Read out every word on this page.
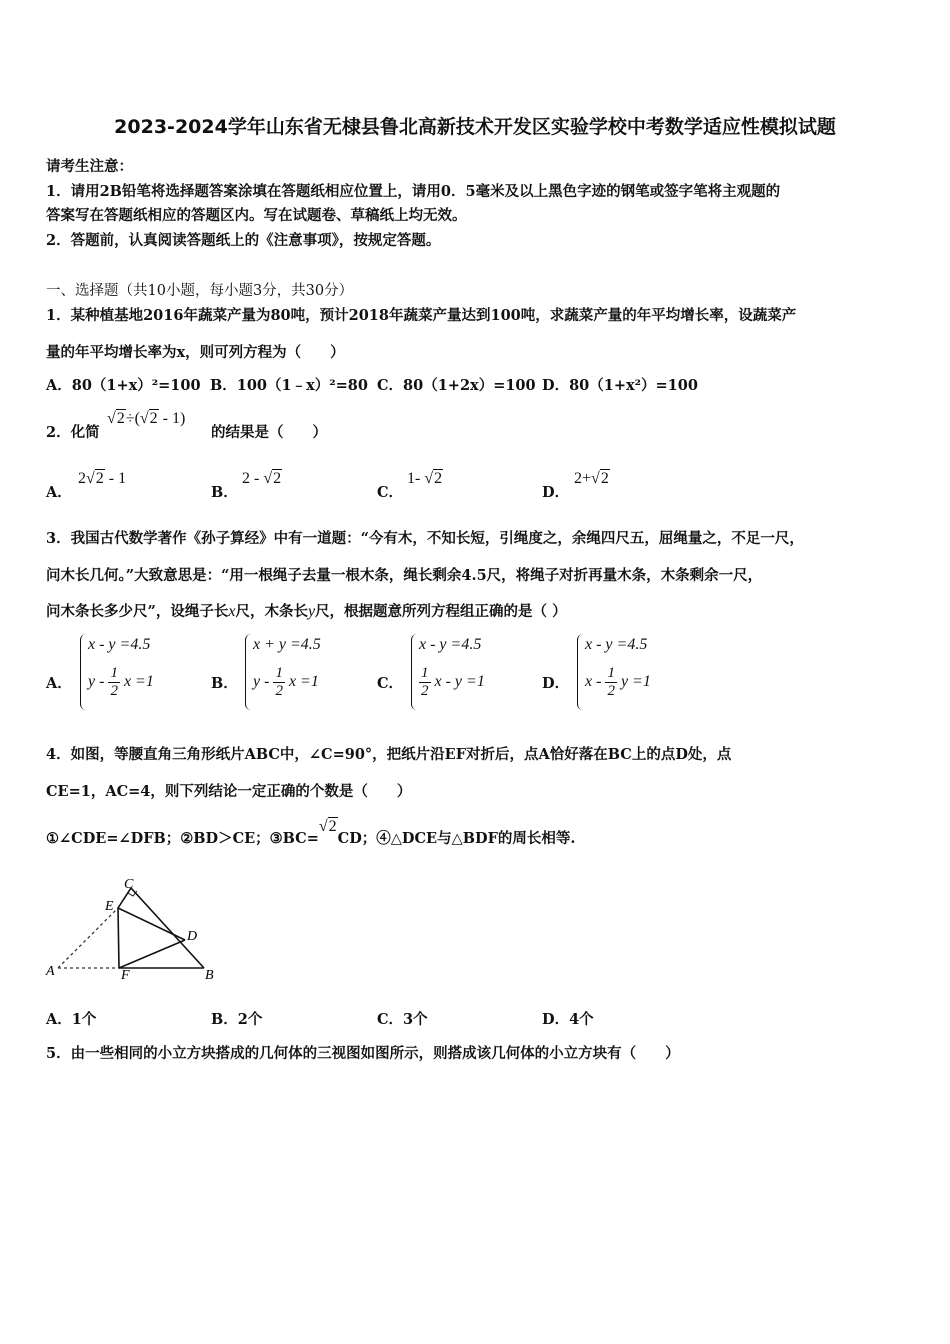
2023-2024学年山东省无棣县鲁北高新技术开发区实验学校中考数学适应性模拟试题
请考生注意：
1．请用2B铅笔将选择题答案涂填在答题纸相应位置上，请用0．5毫米及以上黑色字迹的钢笔或签字笔将主观题的
答案写在答题纸相应的答题区内。写在试题卷、草稿纸上均无效。
2．答题前，认真阅读答题纸上的《注意事项》，按规定答题。
一、选择题（共10小题，每小题3分，共30分）
1．某种植基地2016年蔬菜产量为80吨，预计2018年蔬菜产量达到100吨，求蔬菜产量的年平均增长率，设蔬菜产
量的年平均增长率为x，则可列方程为（　　）
A．80（1+x）²=100 B．100（1﹣x）²=80 C．80（1+2x）=100 D．80（1+x²）=100
2．化简
√2÷(√2 - 1)
的结果是（　　）
A．
2√2 - 1
B．
2 - √2
C．
1- √2
D．
2+√2
3．我国古代数学著作《孙子算经》中有一道题：“今有木，不知长短，引绳度之，余绳四尺五，屈绳量之，不足一尺，
问木长几何。”大致意思是：“用一根绳子去量一根木条，绳长剩余4.5尺，将绳子对折再量木条，木条剩余一尺，
问木条长多少尺”，设绳子长x尺，木条长y尺，根据题意所列方程组正确的是（ ）
A．
x - y =4.5
y - $\frac{1}{2}$ x =1	B．
x + y =4.5
y - $\frac{1}{2}$ x =1	C．
x - y =4.5
$\frac{1}{2}$ x - y =1	D．
x - y =4.5
x - $\frac{1}{2}$ y =1
4．如图，等腰直角三角形纸片ABC中，∠C=90°，把纸片沿EF对折后，点A恰好落在BC上的点D处，点
CE=1，AC=4，则下列结论一定正确的个数是（　　）
①∠CDE=∠DFB；②BD＞CE；③BC=√2CD；④△DCE与△BDF的周长相等.
C
E
D
A	F	B
A．1个	B．2个	C．3个	D．4个
5．由一些相同的小立方块搭成的几何体的三视图如图所示，则搭成该几何体的小立方块有（　　）
